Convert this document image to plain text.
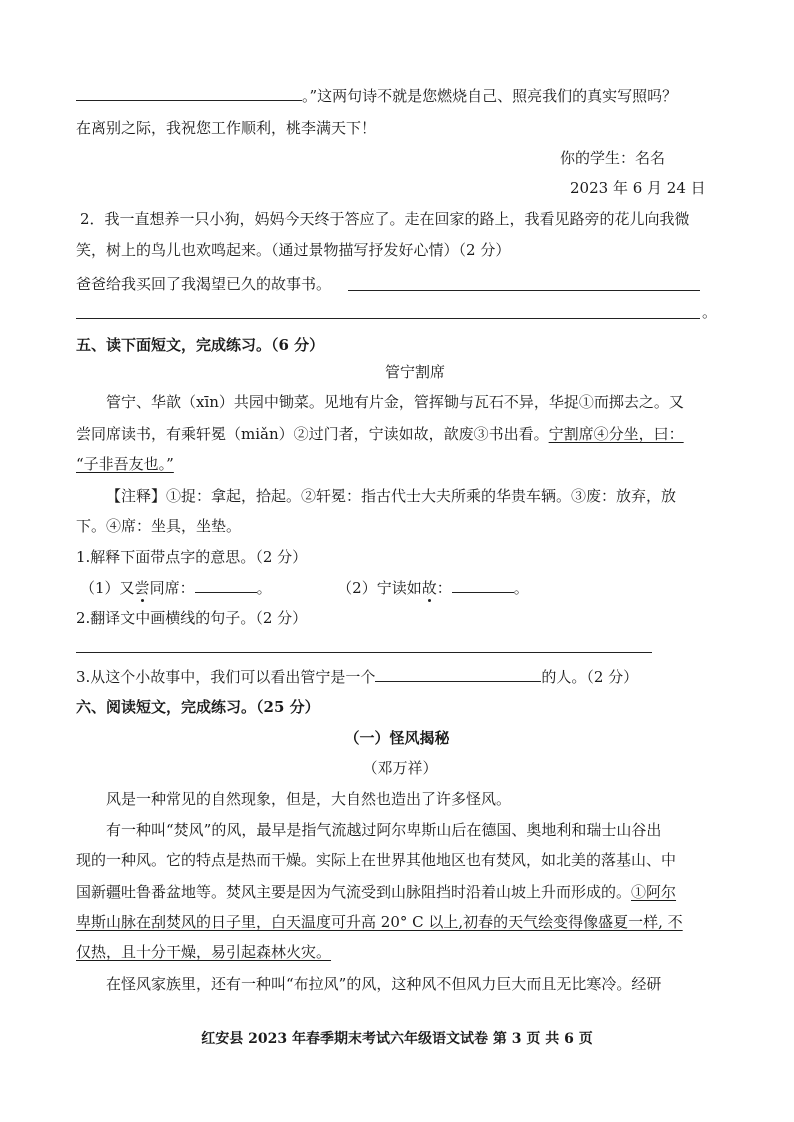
。”这两句诗不就是您燃烧自己、照亮我们的真实写照吗？
在离别之际，我祝您工作顺利，桃李满天下！
你的学生：名名
2023 年 6 月 24 日
2．我一直想养一只小狗，妈妈今天终于答应了。走在回家的路上，我看见路旁的花儿向我微
笑，树上的鸟儿也欢鸣起来。（通过景物描写抒发好心情）（2 分）
爸爸给我买回了我渴望已久的故事书。
。
五、读下面短文，完成练习。（6 分）
管宁割席
管宁、华歆（xīn）共园中锄菜。见地有片金，管挥锄与瓦石不异，华捉①而掷去之。又
尝同席读书，有乘轩冕（miǎn）②过门者，宁读如故，歆废③书出看。宁割席④分坐，曰：
“子非吾友也。”
【注释】①捉：拿起，拾起。②轩冕：指古代士大夫所乘的华贵车辆。③废：放弃，放
下。④席：坐具，坐垫。
1.解释下面带点字的意思。（2 分）
（1）又尝同席：	。	（2）宁读如故：	。
2.翻译文中画横线的句子。（2 分）
3.从这个小故事中，我们可以看出管宁是一个	的人。（2 分）
六、阅读短文，完成练习。（25 分）
（一）怪风揭秘
（邓万祥）
风是一种常见的自然现象，但是，大自然也造出了许多怪风。
有一种叫“焚风”的风，最早是指气流越过阿尔卑斯山后在德国、奥地利和瑞士山谷出
现的一种风。它的特点是热而干燥。实际上在世界其他地区也有焚风，如北美的落基山、中
国新疆吐鲁番盆地等。焚风主要是因为气流受到山脉阻挡时沿着山坡上升而形成的。①阿尔
卑斯山脉在刮焚风的日子里，白天温度可升高 20° C 以上,初春的天气绘变得像盛夏一样, 不
仅热，且十分干燥，易引起森林火灾。
在怪风家族里，还有一种叫“布拉风”的风，这种风不但风力巨大而且无比寒冷。经研
红安县 2023 年春季期末考试六年级语文试卷 第 3 页 共 6 页
